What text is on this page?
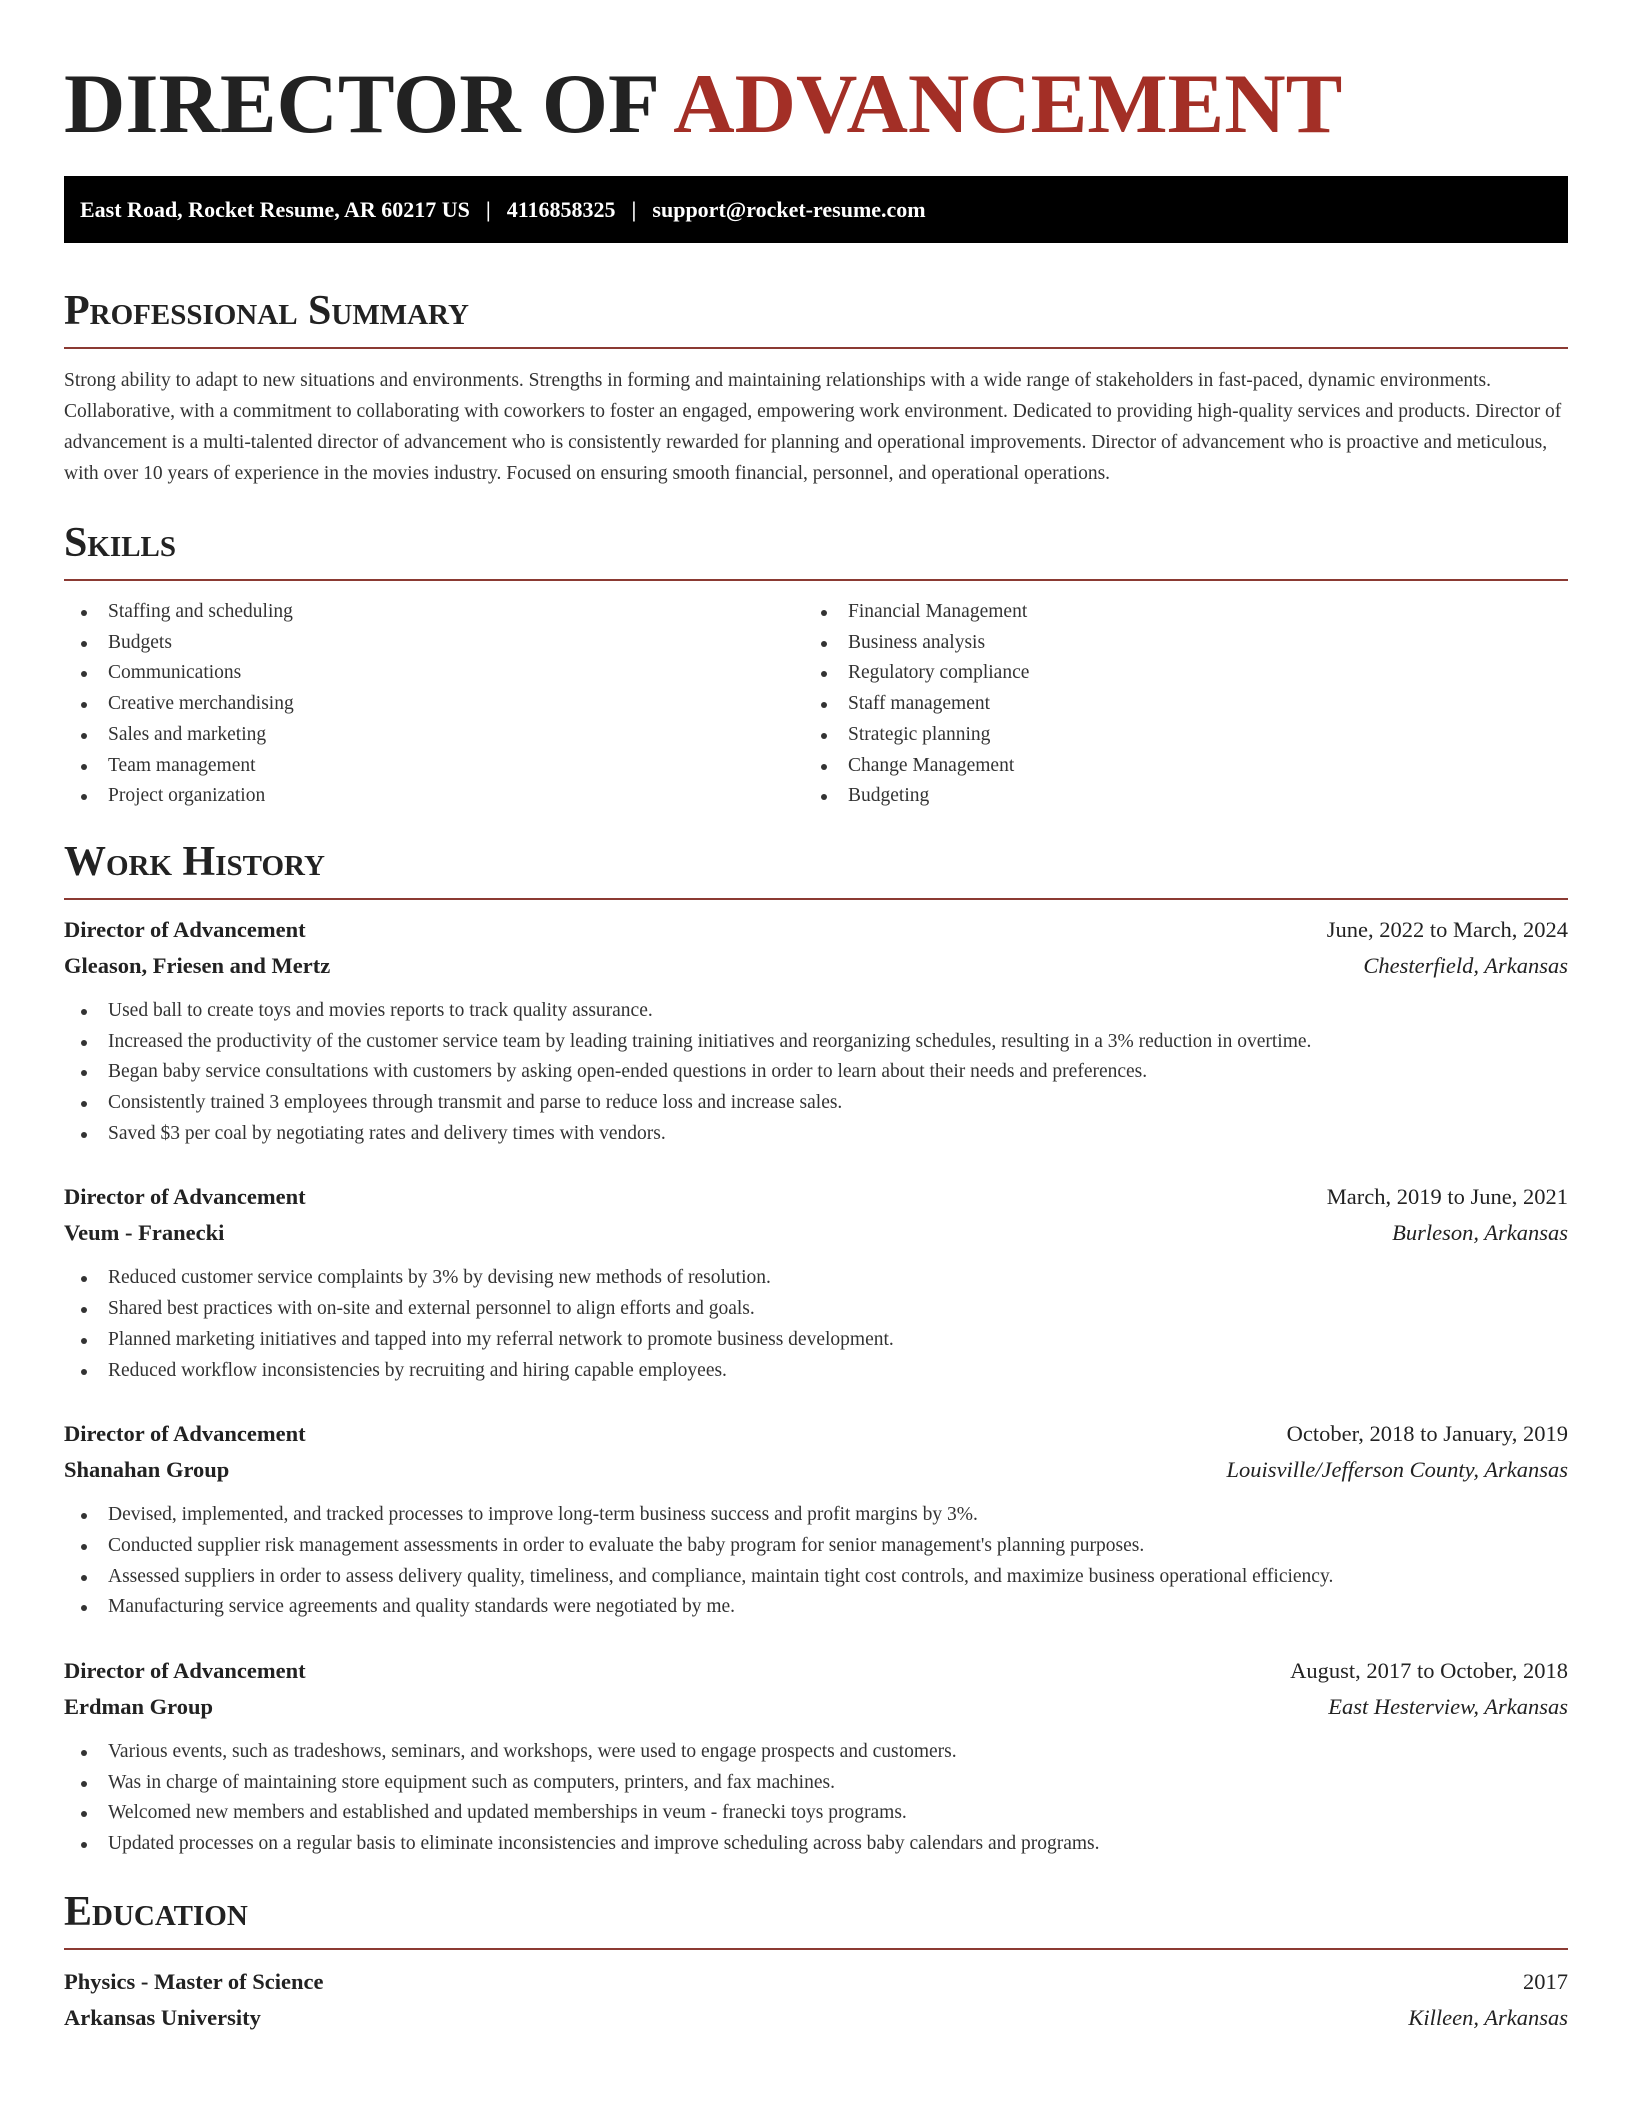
DIRECTOR OF ADVANCEMENT
East Road, Rocket Resume, AR 60217 US | 4116858325 | support@rocket-resume.com
Professional Summary

Strong ability to adapt to new situations and environments. Strengths in forming and maintaining relationships with a wide range of stakeholders in fast-paced, dynamic environments. Collaborative, with a commitment to collaborating with coworkers to foster an engaged, empowering work environment. Dedicated to providing high-quality services and products. Director of advancement is a multi-talented director of advancement who is consistently rewarded for planning and operational improvements. Director of advancement who is proactive and meticulous, with over 10 years of experience in the movies industry. Focused on ensuring smooth financial, personnel, and operational operations.

Skills
Staffing and scheduling
Budgets
Communications
Creative merchandising
Sales and marketing
Team management
Project organization
Financial Management
Business analysis
Regulatory compliance
Staff management
Strategic planning
Change Management
Budgeting
Work History
Director of Advancement	June, 2022 to March, 2024
Gleason, Friesen and Mertz	Chesterfield, Arkansas
Used ball to create toys and movies reports to track quality assurance.
Increased the productivity of the customer service team by leading training initiatives and reorganizing schedules, resulting in a 3% reduction in overtime.
Began baby service consultations with customers by asking open-ended questions in order to learn about their needs and preferences.
Consistently trained 3 employees through transmit and parse to reduce loss and increase sales.
Saved $3 per coal by negotiating rates and delivery times with vendors.
Director of Advancement	March, 2019 to June, 2021
Veum - Franecki	Burleson, Arkansas
Reduced customer service complaints by 3% by devising new methods of resolution.
Shared best practices with on-site and external personnel to align efforts and goals.
Planned marketing initiatives and tapped into my referral network to promote business development.
Reduced workflow inconsistencies by recruiting and hiring capable employees.
Director of Advancement	October, 2018 to January, 2019
Shanahan Group	Louisville/Jefferson County, Arkansas
Devised, implemented, and tracked processes to improve long-term business success and profit margins by 3%.
Conducted supplier risk management assessments in order to evaluate the baby program for senior management's planning purposes.
Assessed suppliers in order to assess delivery quality, timeliness, and compliance, maintain tight cost controls, and maximize business operational efficiency.
Manufacturing service agreements and quality standards were negotiated by me.
Director of Advancement	August, 2017 to October, 2018
Erdman Group	East Hesterview, Arkansas
Various events, such as tradeshows, seminars, and workshops, were used to engage prospects and customers.
Was in charge of maintaining store equipment such as computers, printers, and fax machines.
Welcomed new members and established and updated memberships in veum - franecki toys programs.
Updated processes on a regular basis to eliminate inconsistencies and improve scheduling across baby calendars and programs.
Education
Physics - Master of Science	2017
Arkansas University	Killeen, Arkansas
